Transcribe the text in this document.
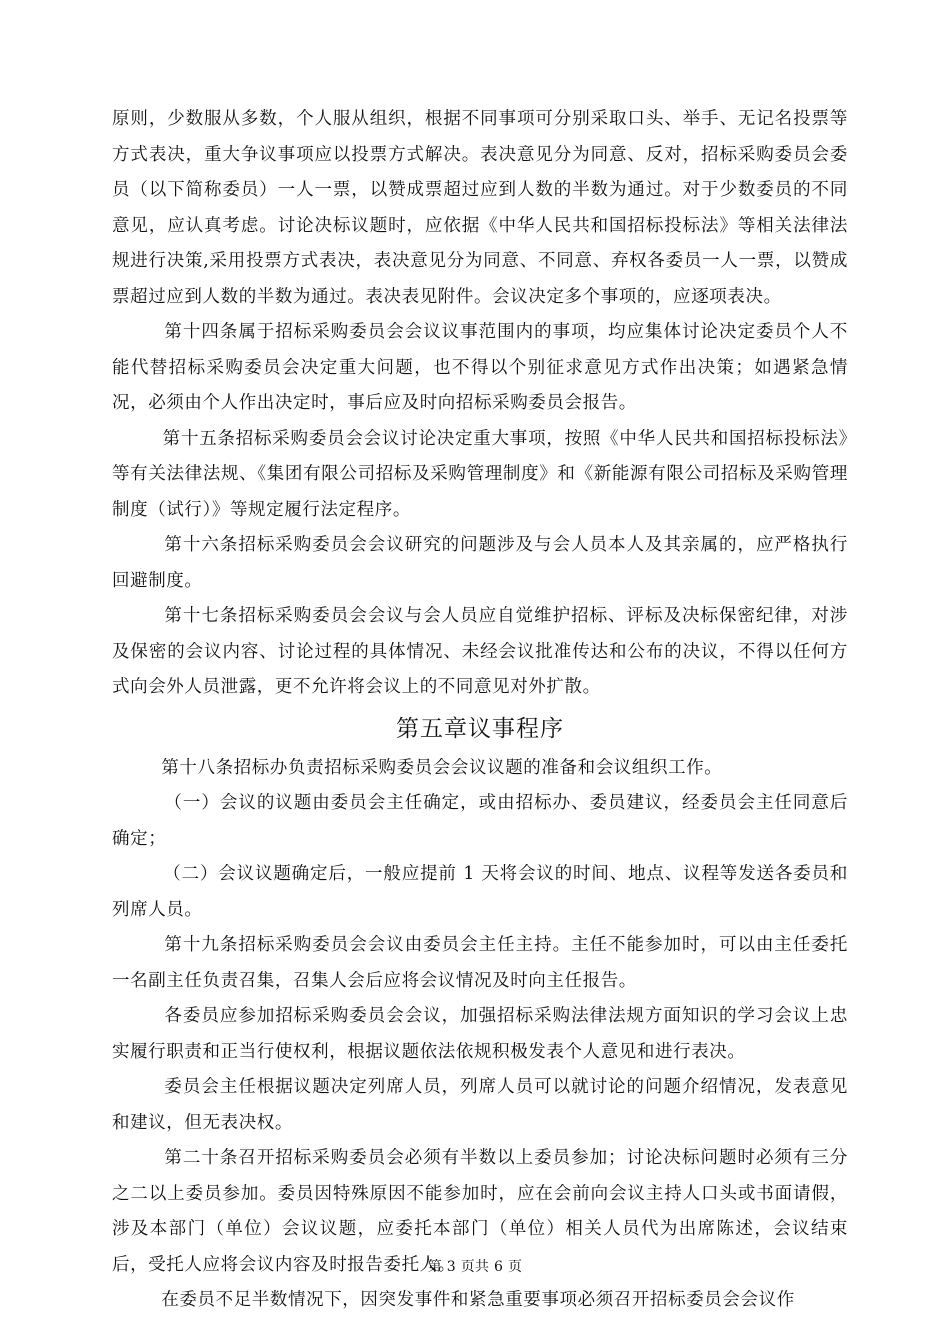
原则，少数服从多数，个人服从组织，根据不同事项可分别采取口头、举手、无记名投票等方式表决，重大争议事项应以投票方式解决。表决意见分为同意、反对，招标采购委员会委员（以下简称委员）一人一票，以赞成票超过应到人数的半数为通过。对于少数委员的不同意见，应认真考虑。讨论决标议题时，应依据《中华人民共和国招标投标法》等相关法律法规进行决策,采用投票方式表决，表决意见分为同意、不同意、弃权各委员一人一票，以赞成票超过应到人数的半数为通过。表决表见附件。会议决定多个事项的，应逐项表决。

第十四条属于招标采购委员会会议议事范围内的事项，均应集体讨论决定委员个人不能代替招标采购委员会决定重大问题，也不得以个别征求意见方式作出决策；如遇紧急情况，必须由个人作出决定时，事后应及时向招标采购委员会报告。

第十五条招标采购委员会会议讨论决定重大事项，按照《中华人民共和国招标投标法》等有关法律法规、《集团有限公司招标及采购管理制度》和《新能源有限公司招标及采购管理制度（试行）》等规定履行法定程序。

第十六条招标采购委员会会议研究的问题涉及与会人员本人及其亲属的，应严格执行回避制度。

第十七条招标采购委员会会议与会人员应自觉维护招标、评标及决标保密纪律，对涉及保密的会议内容、讨论过程的具体情况、未经会议批准传达和公布的决议，不得以任何方式向会外人员泄露，更不允许将会议上的不同意见对外扩散。

第五章议事程序

第十八条招标办负责招标采购委员会会议议题的准备和会议组织工作。

（一）会议的议题由委员会主任确定，或由招标办、委员建议，经委员会主任同意后确定；

（二）会议议题确定后，一般应提前 1 天将会议的时间、地点、议程等发送各委员和列席人员。

第十九条招标采购委员会会议由委员会主任主持。主任不能参加时，可以由主任委托一名副主任负责召集，召集人会后应将会议情况及时向主任报告。

各委员应参加招标采购委员会会议，加强招标采购法律法规方面知识的学习会议上忠实履行职责和正当行使权利，根据议题依法依规积极发表个人意见和进行表决。

委员会主任根据议题决定列席人员，列席人员可以就讨论的问题介绍情况，发表意见和建议，但无表决权。

第二十条召开招标采购委员会必须有半数以上委员参加；讨论决标问题时必须有三分之二以上委员参加。委员因特殊原因不能参加时，应在会前向会议主持人口头或书面请假，涉及本部门（单位）会议议题，应委托本部门（单位）相关人员代为出席陈述，会议结束后，受托人应将会议内容及时报告委托人。

在委员不足半数情况下，因突发事件和紧急重要事项必须召开招标委员会会议作

第 3 页共 6 页
